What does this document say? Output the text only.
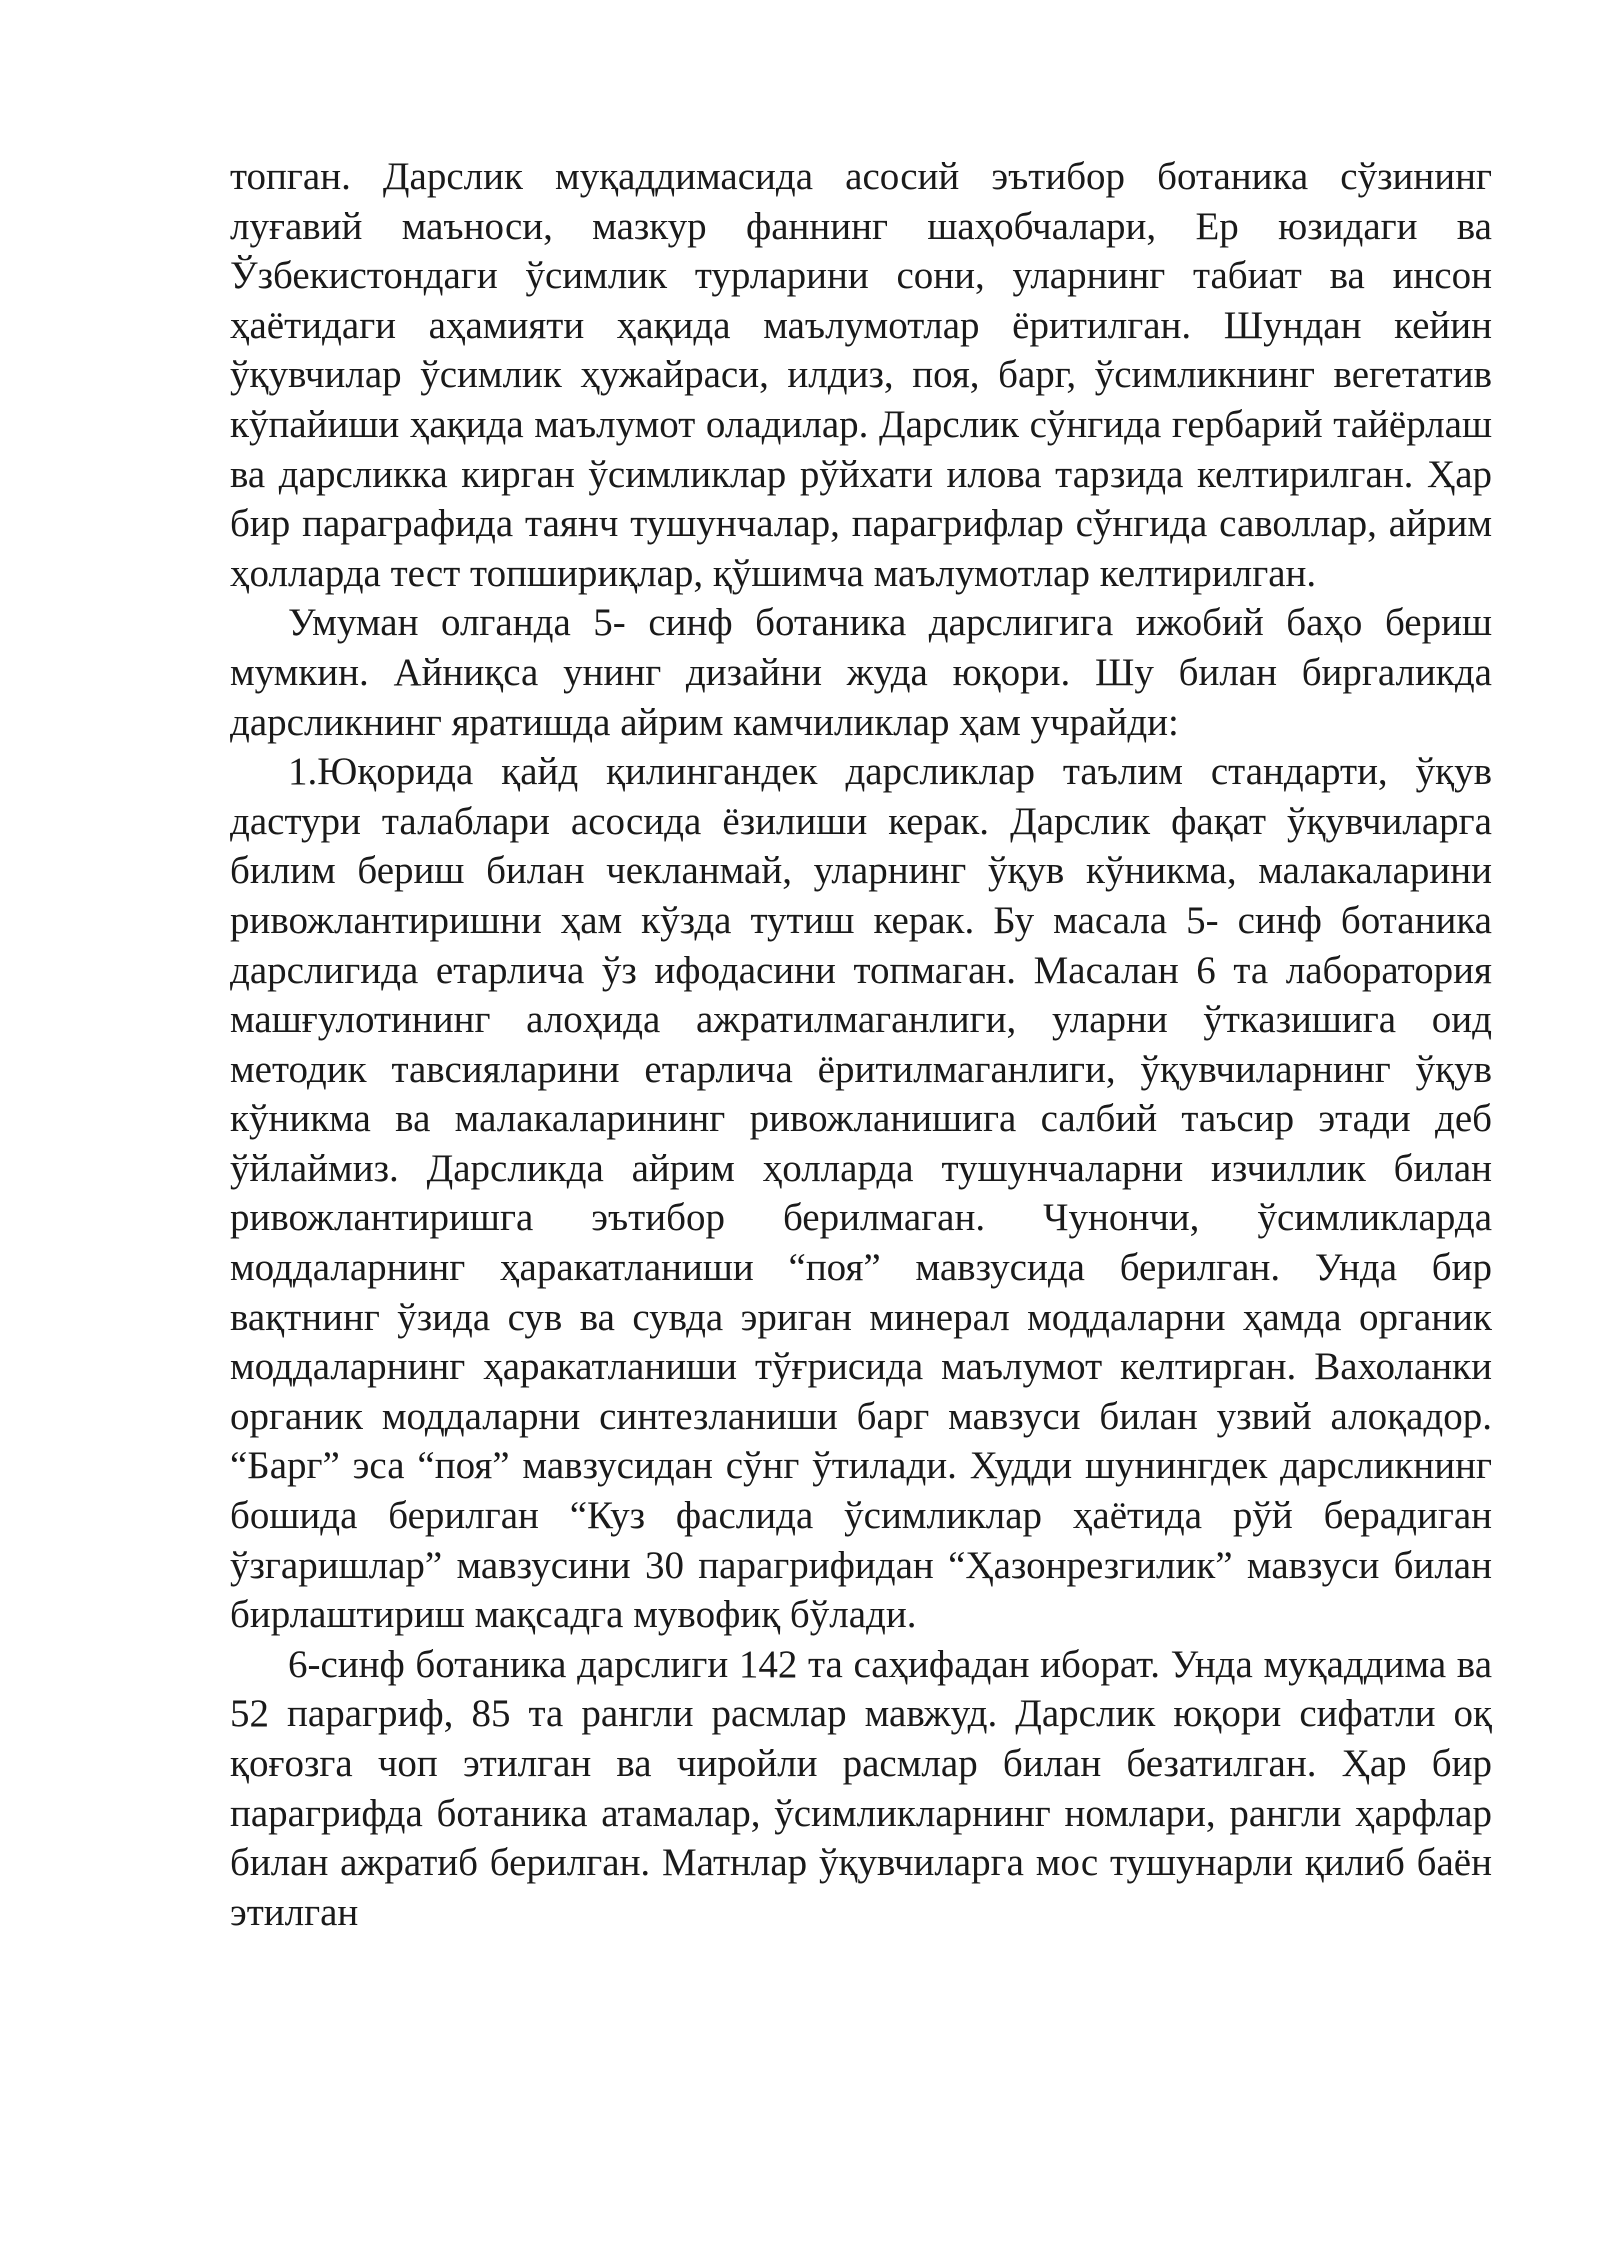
топган. Дарслик муқаддимасида асосий эътибор ботаника сўзининг луғавий маъноси, мазкур фаннинг шаҳобчалари, Ер юзидаги ва Ўзбекистондаги ўсимлик турларини сони, уларнинг табиат ва инсон ҳаётидаги аҳамияти ҳақида маълумотлар ёритилган. Шундан кейин ўқувчилар ўсимлик ҳужайраси, илдиз, поя, барг, ўсимликнинг вегетатив кўпайиши ҳақида маълумот оладилар. Дарслик сўнгида гербарий тайёрлаш ва дарсликка кирган ўсимликлар рўйхати илова тарзида келтирилган. Ҳар бир параграфида таянч тушунчалар, парагрифлар сўнгида саволлар, айрим ҳолларда тест топшириқлар, қўшимча маълумотлар келтирилган.

Умуман олганда 5- синф ботаника дарслигига ижобий баҳо бериш мумкин. Айниқса унинг дизайни жуда юқори. Шу билан биргаликда дарсликнинг яратишда айрим камчиликлар ҳам учрайди:

1.Юқорида қайд қилингандек дарсликлар таълим стандарти, ўқув дастури талаблари асосида ёзилиши керак. Дарслик фақат ўқувчиларга билим бериш билан чекланмай, уларнинг ўқув кўникма, малакаларини ривожлантиришни ҳам кўзда тутиш керак. Бу масала 5- синф ботаника дарслигида етарлича ўз ифодасини топмаган. Масалан 6 та лаборатория машғулотининг алоҳида ажратилмаганлиги, уларни ўтказишига оид методик тавсияларини етарлича ёритилмаганлиги, ўқувчиларнинг ўқув кўникма ва малакаларининг ривожланишига салбий таъсир этади деб ўйлаймиз. Дарсликда айрим ҳолларда тушунчаларни изчиллик билан ривожлантиришга эътибор берилмаган. Чунончи, ўсимликларда моддаларнинг ҳаракатланиши “поя” мавзусида берилган. Унда бир вақтнинг ўзида сув ва сувда эриган минерал моддаларни ҳамда органик моддаларнинг ҳаракатланиши тўғрисида маълумот келтирган. Вахоланки органик моддаларни синтезланиши барг мавзуси билан узвий алоқадор. “Барг” эса “поя” мавзусидан сўнг ўтилади. Худди шунингдек дарсликнинг бошида берилган “Куз фаслида ўсимликлар ҳаётида рўй берадиган ўзгаришлар” мавзусини 30 парагрифидан “Ҳазонрезгилик” мавзуси билан бирлаштириш мақсадга мувофиқ бўлади.

6-синф ботаника дарслиги 142 та саҳифадан иборат. Унда муқаддима ва 52 парагриф, 85 та рангли расмлар мавжуд. Дарслик юқори сифатли оқ қоғозга чоп этилган ва чиройли расмлар билан безатилган. Ҳар бир парагрифда ботаника атамалар, ўсимликларнинг номлари, рангли ҳарфлар билан ажратиб берилган. Матнлар ўқувчиларга мос тушунарли қилиб баён этилган
